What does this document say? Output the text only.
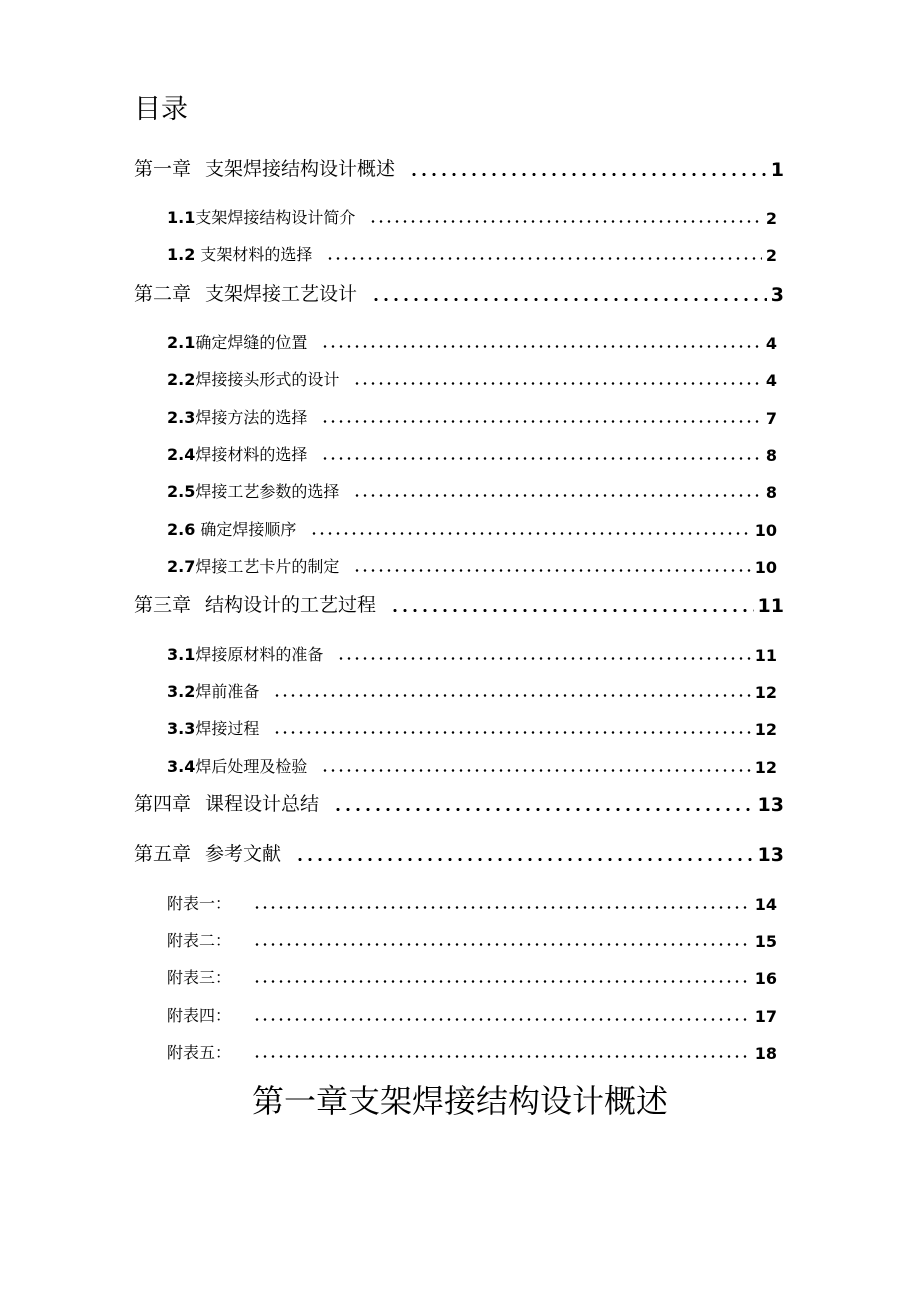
目录
第一章 支架焊接结构设计概述	1
1.1支架焊接结构设计简介	2
1.2 支架材料的选择	2
第二章 支架焊接工艺设计	3
2.1确定焊缝的位置	4
2.2焊接接头形式的设计	4
2.3焊接方法的选择	7
2.4焊接材料的选择	8
2.5焊接工艺参数的选择	8
2.6 确定焊接顺序	10
2.7焊接工艺卡片的制定	10
第三章 结构设计的工艺过程	11
3.1焊接原材料的准备	11
3.2焊前准备	12
3.3焊接过程	12
3.4焊后处理及检验	12
第四章 课程设计总结	13
第五章 参考文献	13
附表一：	14
附表二：	15
附表三：	16
附表四：	17
附表五：	18
第一章支架焊接结构设计概述
